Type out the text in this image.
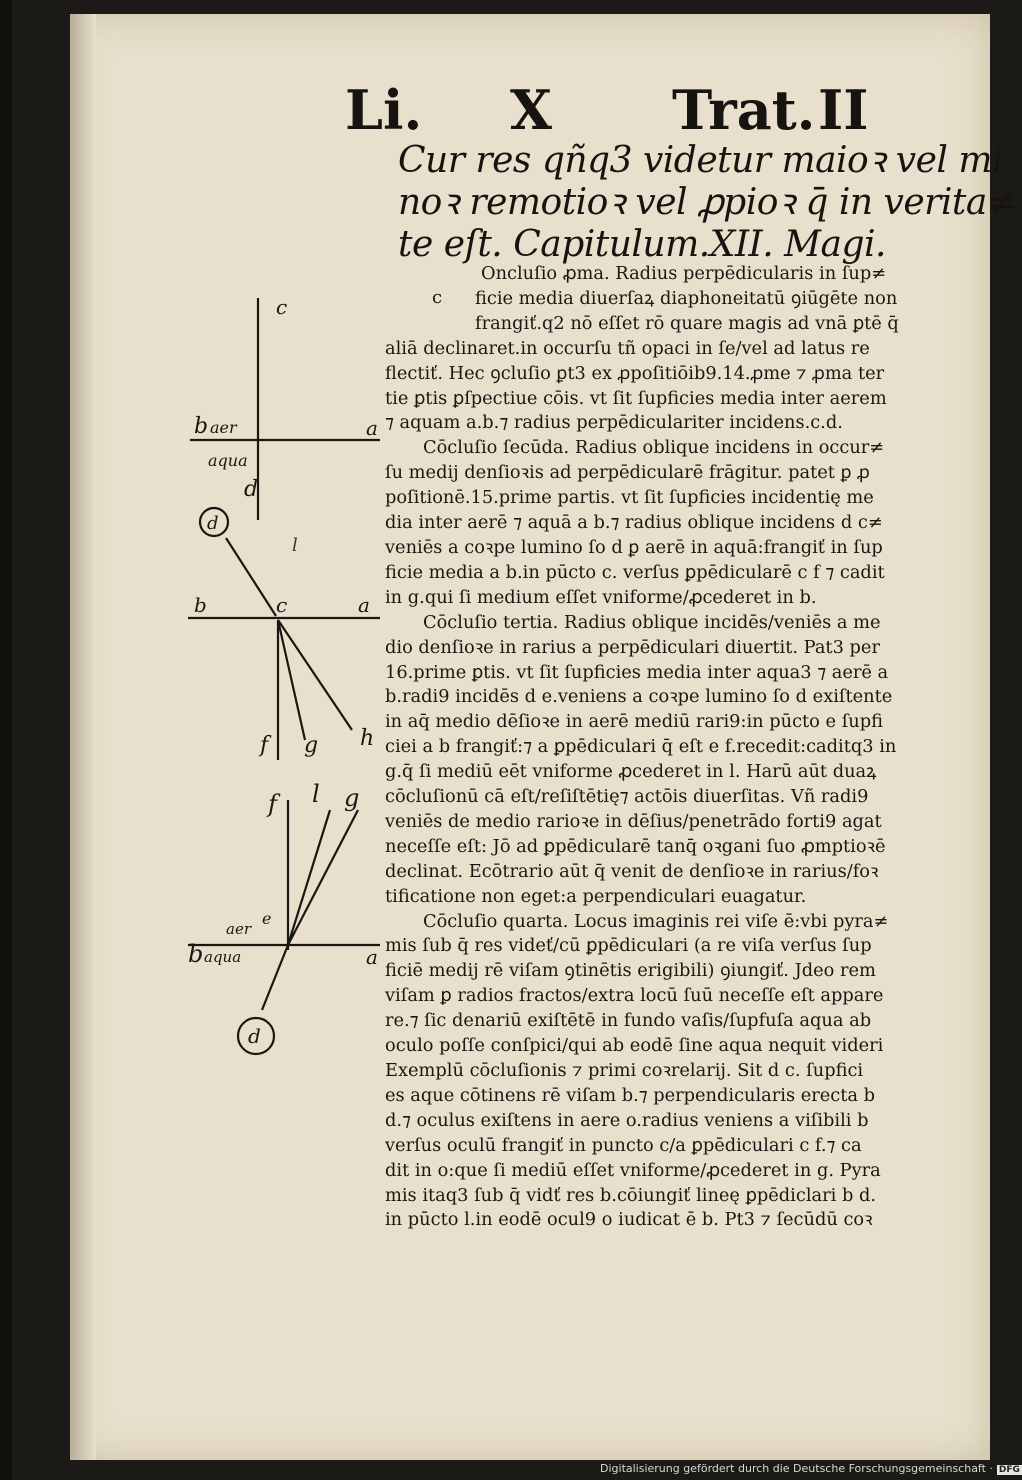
Li. X Trat. II
Cur res qñq3 videtur maioꝛ vel mi
noꝛ remotioꝛ vel ꝓpioꝛ q̄ in verita≠
te eſt. Capitulum.XII. Magi.
Oncluſio ꝓma. Radius perpēdicularis in ſup≠
ficie media diuerſaꝝ diaphoneitatū ꝯiūgēte non
frangiť.q2 nō eſſet rō quare magis ad vnā ꝑtē q̄
aliā declinaret.in occurſu tñ opaci in ſe/vel ad latus re
flectiť. Hec ꝯcluſio ꝑt3 ex ꝓpoſitiōib9.14.ꝓme ⁊ ꝓma ter
tie ꝑtis ꝑſpectiue cōis. vt ſit ſupficies media inter aerem
⁊ aquam a.b.⁊ radius perpēdiculariter incidens.c.d.
Cōcluſio ſecūda. Radius oblique incidens in occur≠
ſu medij denſioꝛis ad perpēdicularē frāgitur. patet ꝑ ꝓ
poſitionē.15.prime partis. vt ſit ſupficies incidentię me
dia inter aerē ⁊ aquā a b.⁊ radius oblique incidens d c≠
veniēs a coꝛpe lumino ſo d ꝑ aerē in aquā:frangiť in ſup
ficie media a b.in pūcto c. verſus ꝑpēdicularē c f ⁊ cadit
in g.qui ſi medium eſſet vniforme/ꝓcederet in b.
Cōcluſio tertia. Radius oblique incidēs/veniēs a me
dio denſioꝛe in rarius a perpēdiculari diuertit. Pat3 per
16.prime ꝑtis. vt ſit ſupficies media inter aqua3 ⁊ aerē a
b.radi9 incidēs d e.veniens a coꝛpe lumino ſo d exiſtente
in aq̄ medio dēſioꝛe in aerē mediū rari9:in pūcto e ſupfi
ciei a b frangiť:⁊ a ꝑpēdiculari q̄ eſt e f.recedit:caditq3 in
g.q̄ ſi mediū eēt vniforme ꝓcederet in l. Harū aūt duaꝝ
cōcluſionū cā eſt/reſiſtētię⁊ actōis diuerſitas. Vñ radi9
veniēs de medio rarioꝛe in dēſius/penetrādo forti9 agat
neceſſe eſt: Jō ad ꝑpēdicularē tanq̄ oꝛgani ſuo ꝓmptioꝛē
declinat. Ecōtrario aūt q̄ venit de denſioꝛe in rarius/foꝛ
tificatione non eget:a perpendiculari euagatur.
Cōcluſio quarta. Locus imaginis rei viſe ē:vbi pyra≠
mis ſub q̄ res videť/cū ꝑpēdiculari (a re viſa verſus ſup
ficiē medij rē viſam ꝯtinētis erigibili) ꝯiungiť. Jdeo rem
viſam ꝑ radios fractos/extra locū ſuū neceſſe eſt appare
re.⁊ ſic denariū exiſtētē in fundo vaſis/ſupfuſa aqua ab
oculo poſſe conſpici/qui ab eodē ſine aqua nequit videri
Exemplū cōcluſionis ⁊ primi coꝛrelarij. Sit d c. ſupfici
es aque cōtinens rē viſam b.⁊ perpendicularis erecta b
d.⁊ oculus exiſtens in aere o.radius veniens a viſibili b
verſus oculū frangiť in puncto c/a ꝑpēdiculari c f.⁊ ca
dit in o:que ſi mediū eſſet vniforme/ꝓcederet in g. Pyra
mis itaq3 ſub q̄ vidť res b.cōiungiť lineę ꝑpēdiclari b d.
in pūcto l.in eodē ocul9 o iudicat ē b. Pt3 ⁊ ſecūdū coꝛ
c
b aer	a
aqua
d
d
b	c	a
f g h
f l g
e
aer
b aqua	a
d
c
l
Digitalisierung gefördert durch die Deutsche Forschungsgemeinschaft · DFG
